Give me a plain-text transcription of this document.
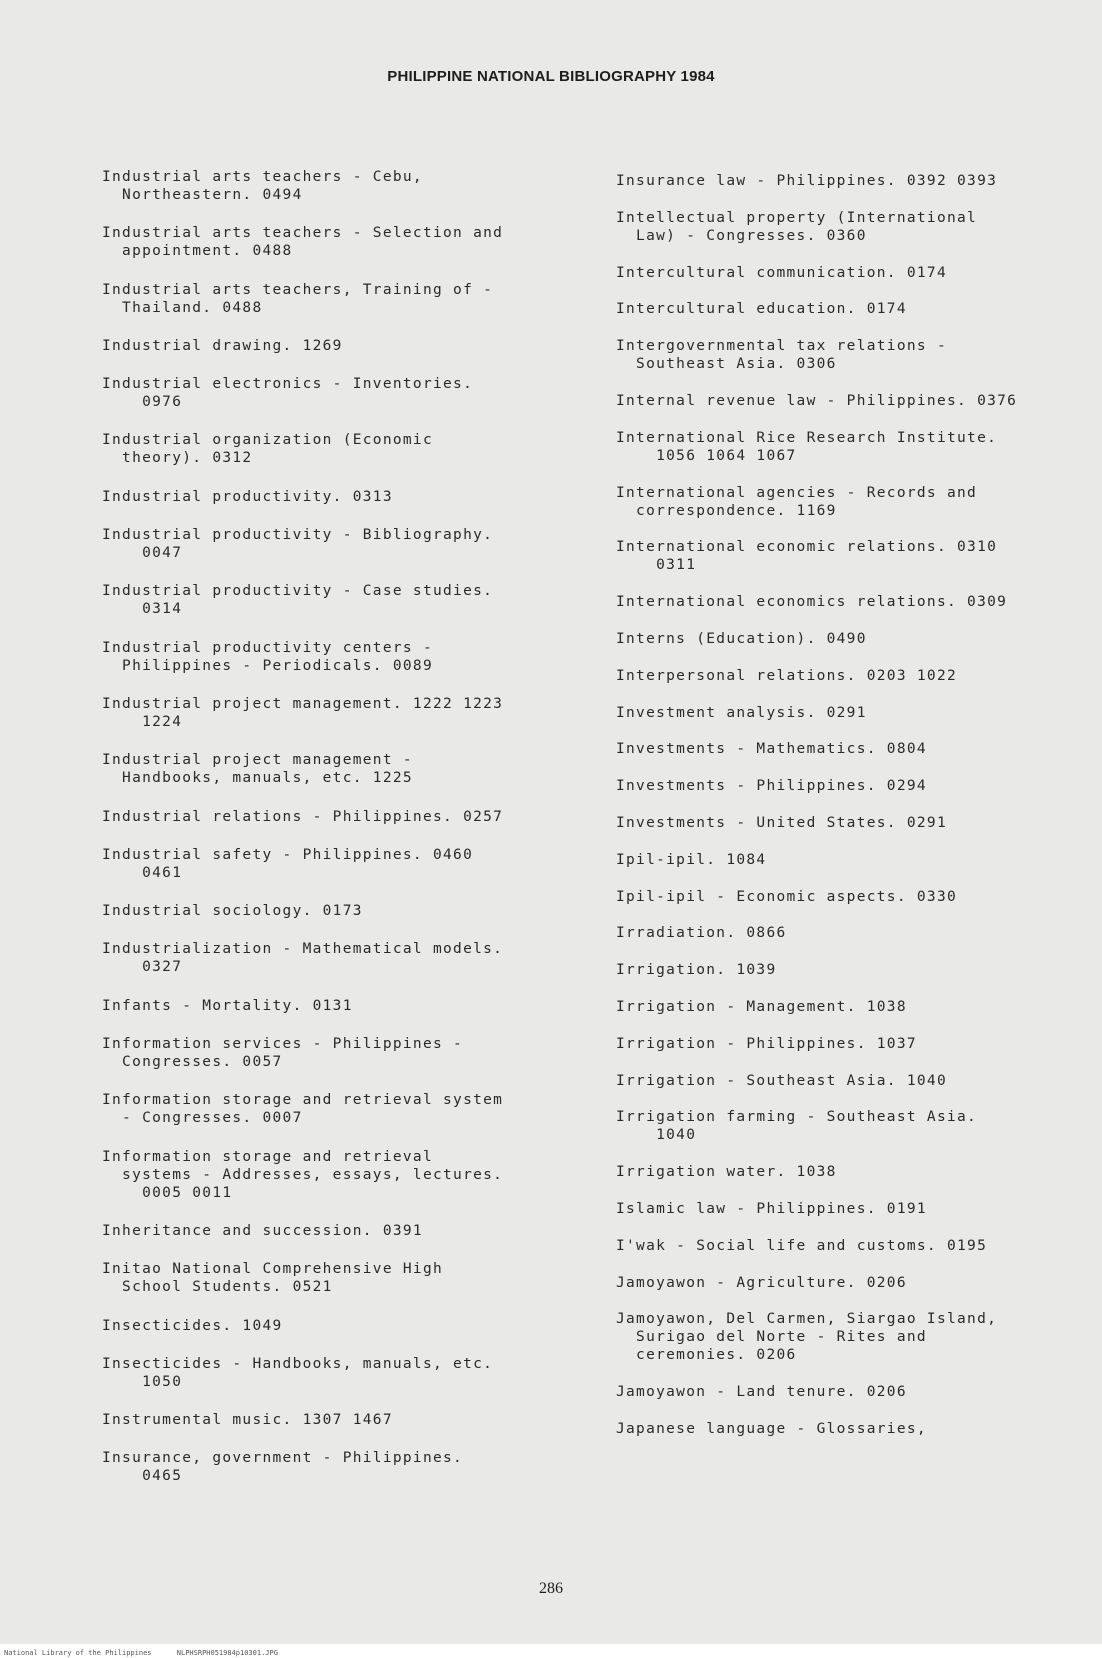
PHILIPPINE NATIONAL BIBLIOGRAPHY 1984
Industrial arts teachers - Cebu,
Northeastern. 0494
Industrial arts teachers - Selection and
appointment. 0488
Industrial arts teachers, Training of -
Thailand. 0488
Industrial drawing. 1269
Industrial electronics - Inventories.
0976
Industrial organization (Economic
theory). 0312
Industrial productivity. 0313
Industrial productivity - Bibliography.
0047
Industrial productivity - Case studies.
0314
Industrial productivity centers -
Philippines - Periodicals. 0089
Industrial project management. 1222 1223
1224
Industrial project management -
Handbooks, manuals, etc. 1225
Industrial relations - Philippines. 0257
Industrial safety - Philippines. 0460
0461
Industrial sociology. 0173
Industrialization - Mathematical models.
0327
Infants - Mortality. 0131
Information services - Philippines -
Congresses. 0057
Information storage and retrieval system
- Congresses. 0007
Information storage and retrieval
systems - Addresses, essays, lectures.
0005 0011
Inheritance and succession. 0391
Initao National Comprehensive High
School Students. 0521
Insecticides. 1049
Insecticides - Handbooks, manuals, etc.
1050
Instrumental music. 1307 1467
Insurance, government - Philippines.
0465
Insurance law - Philippines. 0392 0393
Intellectual property (International
Law) - Congresses. 0360
Intercultural communication. 0174
Intercultural education. 0174
Intergovernmental tax relations -
Southeast Asia. 0306
Internal revenue law - Philippines. 0376
International Rice Research Institute.
1056 1064 1067
International agencies - Records and
correspondence. 1169
International economic relations. 0310
0311
International economics relations. 0309
Interns (Education). 0490
Interpersonal relations. 0203 1022
Investment analysis. 0291
Investments - Mathematics. 0804
Investments - Philippines. 0294
Investments - United States. 0291
Ipil-ipil. 1084
Ipil-ipil - Economic aspects. 0330
Irradiation. 0866
Irrigation. 1039
Irrigation - Management. 1038
Irrigation - Philippines. 1037
Irrigation - Southeast Asia. 1040
Irrigation farming - Southeast Asia.
1040
Irrigation water. 1038
Islamic law - Philippines. 0191
I'wak - Social life and customs. 0195
Jamoyawon - Agriculture. 0206
Jamoyawon, Del Carmen, Siargao Island,
Surigao del Norte - Rites and
ceremonies. 0206
Jamoyawon - Land tenure. 0206
Japanese language - Glossaries,
286
National Library of the Philippines      NLPHSRPH051984p10301.JPG
